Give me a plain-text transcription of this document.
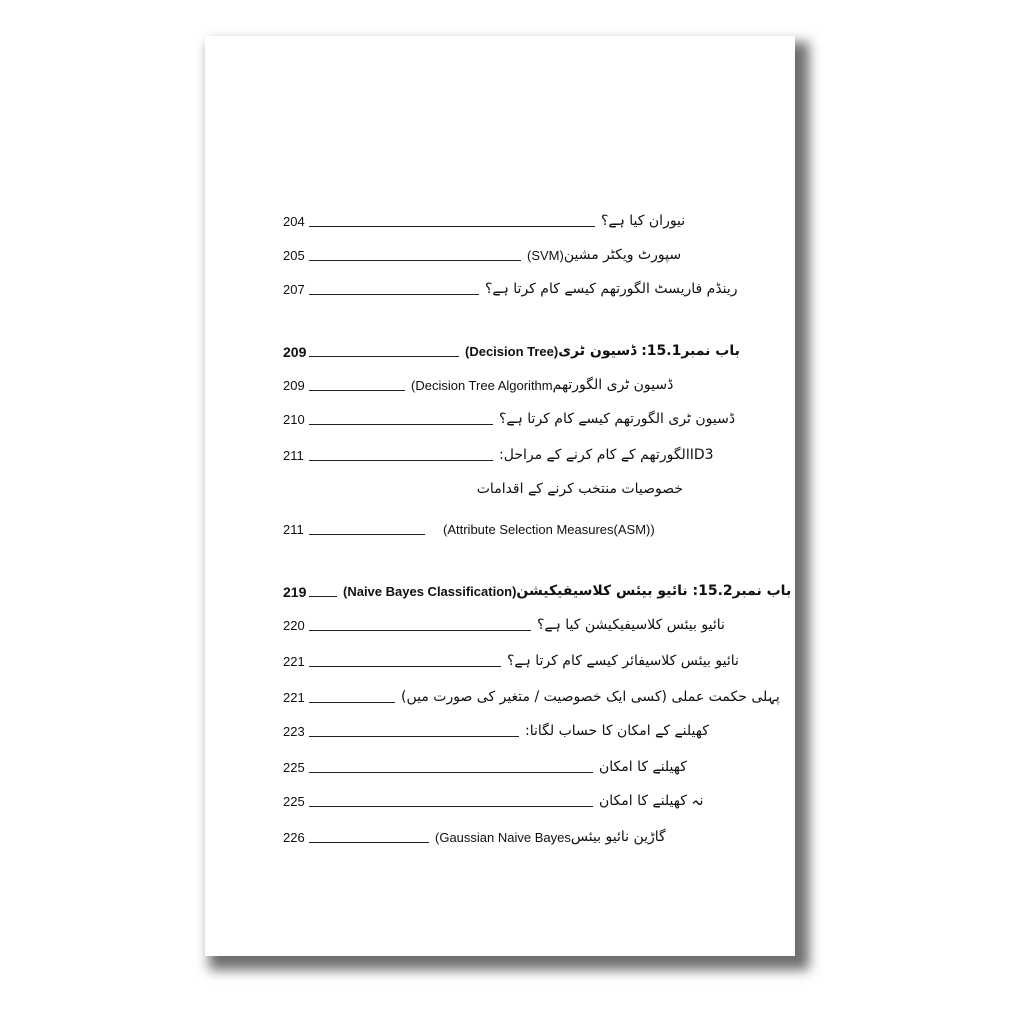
204	نیوران کیا ہے؟
205	(SVM) سپورٹ ویکٹر مشین
207	رینڈم فاریسٹ الگورتھم کیسے کام کرتا ہے؟
209	(Decision Tree) باب نمبر15.1: ڈسیون ٹری
209	(Decision Tree Algorithm ڈسیون ٹری الگورتھم
210	ڈسیون ٹری الگورتھم کیسے کام کرتا ہے؟
211	ID3الگورتھم کے کام کرنے کے مراحل:
خصوصیات منتخب کرنے کے اقدامات
211	(Attribute Selection Measures(ASM))
219	(Naive Bayes Classification) باب نمبر15.2: نائیو بیئس کلاسیفیکیشن
220	نائیو بیئس کلاسیفیکیشن کیا ہے؟
221	نائیو بیئس کلاسیفائر کیسے کام کرتا ہے؟
221	پہلی حکمت عملی (کسی ایک خصوصیت / متغیر کی صورت میں)
223	کھیلنے کے امکان کا حساب لگانا:
225	کھیلنے کا امکان
225	نہ کھیلنے کا امکان
226	(Gaussian Naive Bayes گاڑین نائیو بیئس
